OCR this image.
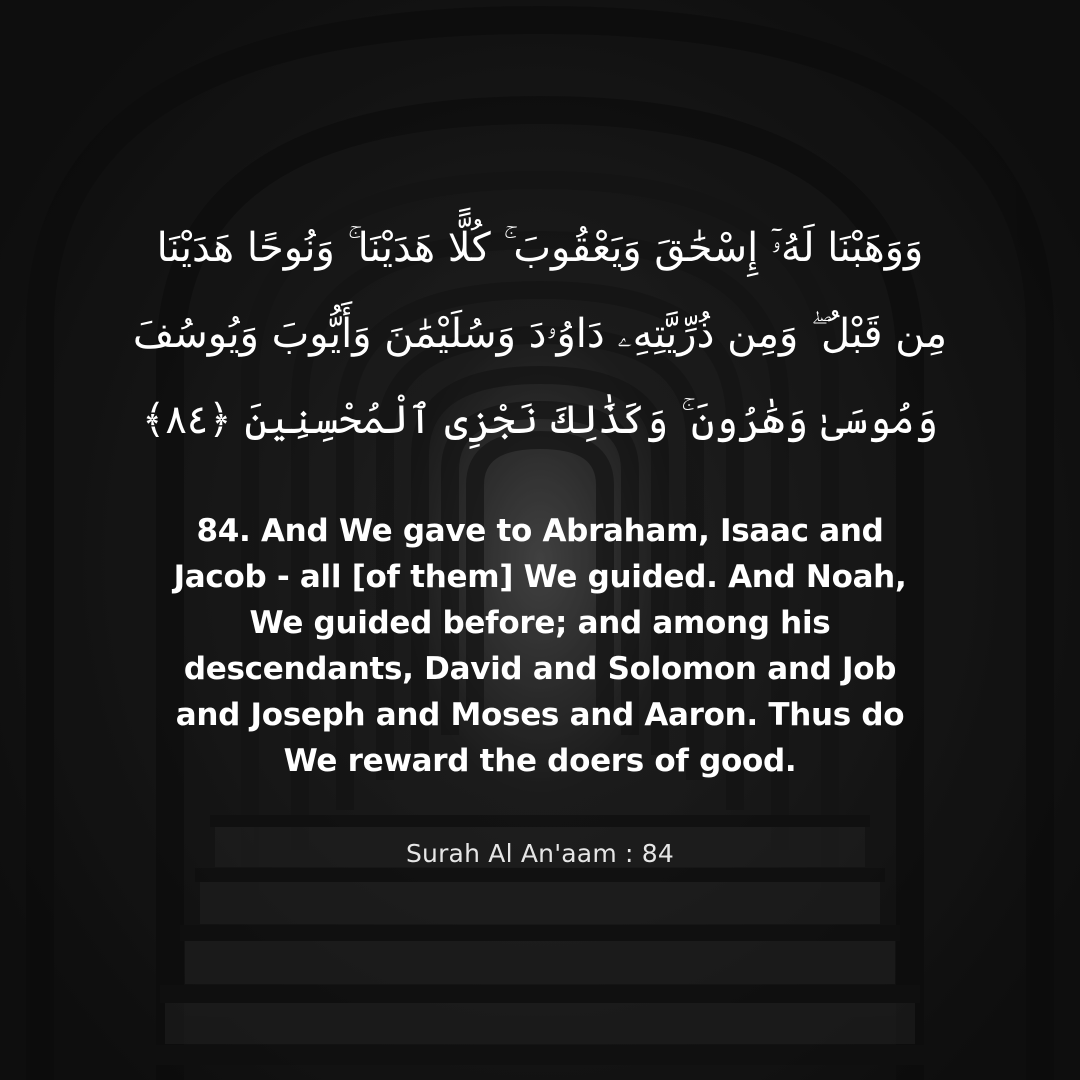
وَوَهَبْنَا لَهُۥٓ إِسْحَٰقَ وَيَعْقُوبَ ۚ كُلًّا هَدَيْنَا ۚ وَنُوحًا هَدَيْنَا
مِن قَبْلُ ۖ وَمِن ذُرِّيَّتِهِۦ دَاوُۥدَ وَسُلَيْمَٰنَ وَأَيُّوبَ وَيُوسُفَ
وَمُوسَىٰ وَهَٰرُونَ ۚ وَكَذَٰلِكَ نَجْزِى ٱلْمُحْسِنِينَ ﴿٨٤﴾
84. And We gave to Abraham, Isaac and
Jacob - all [of them] We guided. And Noah,
We guided before; and among his
descendants, David and Solomon and Job
and Joseph and Moses and Aaron. Thus do
We reward the doers of good.
Surah Al An'aam : 84
